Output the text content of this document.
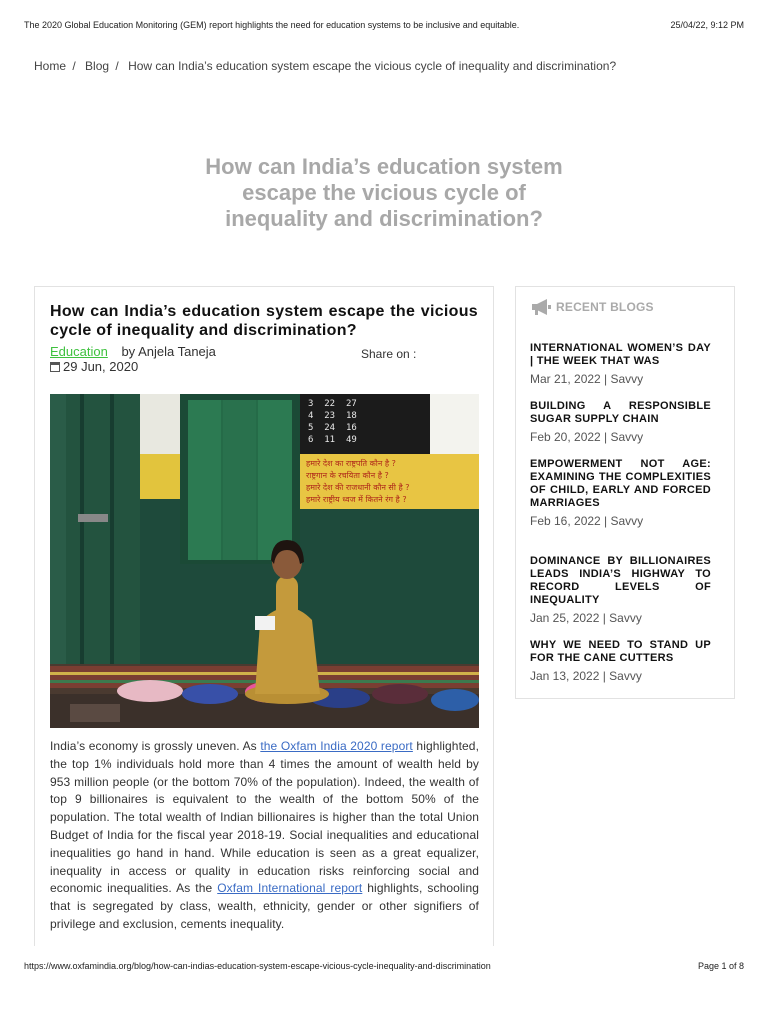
The 2020 Global Education Monitoring (GEM) report highlights the need for education systems to be inclusive and equitable.	25/04/22, 9:12 PM
Home / Blog / How can India’s education system escape the vicious cycle of inequality and discrimination?
How can India’s education system
escape the vicious cycle of
inequality and discrimination?
How can India’s education system escape the vicious cycle of inequality and discrimination?
Education by Anjela Taneja
29 Jun, 2020
Share on :
3 22 27
4 23 18
5 24 16
6 11 49
हमारे देश का राष्ट्रपति कौन है ?
राष्ट्रगान के रचयिता कौन है ?
हमारे देश की राजधानी कौन सी है ?
हमारे राष्ट्रीय ध्वज में कितने रंग है ?

India’s economy is grossly uneven. As the Oxfam India 2020 report highlighted, the top 1% individuals hold more than 4 times the amount of wealth held by 953 million people (or the bottom 70% of the population). Indeed, the wealth of top 9 billionaires is equivalent to the wealth of the bottom 50% of the population. The total wealth of Indian billionaires is higher than the total Union Budget of India for the fiscal year 2018-19. Social inequalities and educational inequalities go hand in hand. While education is seen as a great equalizer, inequality in access or quality in education risks reinforcing social and economic inequalities. As the Oxfam International report highlights, schooling that is segregated by class, wealth, ethnicity, gender or other signifiers of privilege and exclusion, cements inequality.

RECENT BLOGS
INTERNATIONAL WOMEN’S DAY | THE WEEK THAT WAS
Mar 21, 2022 | Savvy
BUILDING A RESPONSIBLE SUGAR SUPPLY CHAIN
Feb 20, 2022 | Savvy
EMPOWERMENT NOT AGE: EXAMINING THE COMPLEXITIES OF CHILD, EARLY AND FORCED MARRIAGES
Feb 16, 2022 | Savvy
DOMINANCE BY BILLIONAIRES LEADS INDIA’S HIGHWAY TO RECORD LEVELS OF INEQUALITY
Jan 25, 2022 | Savvy
WHY WE NEED TO STAND UP FOR THE CANE CUTTERS
Jan 13, 2022 | Savvy
https://www.oxfamindia.org/blog/how-can-indias-education-system-escape-vicious-cycle-inequality-and-discrimination	Page 1 of 8
